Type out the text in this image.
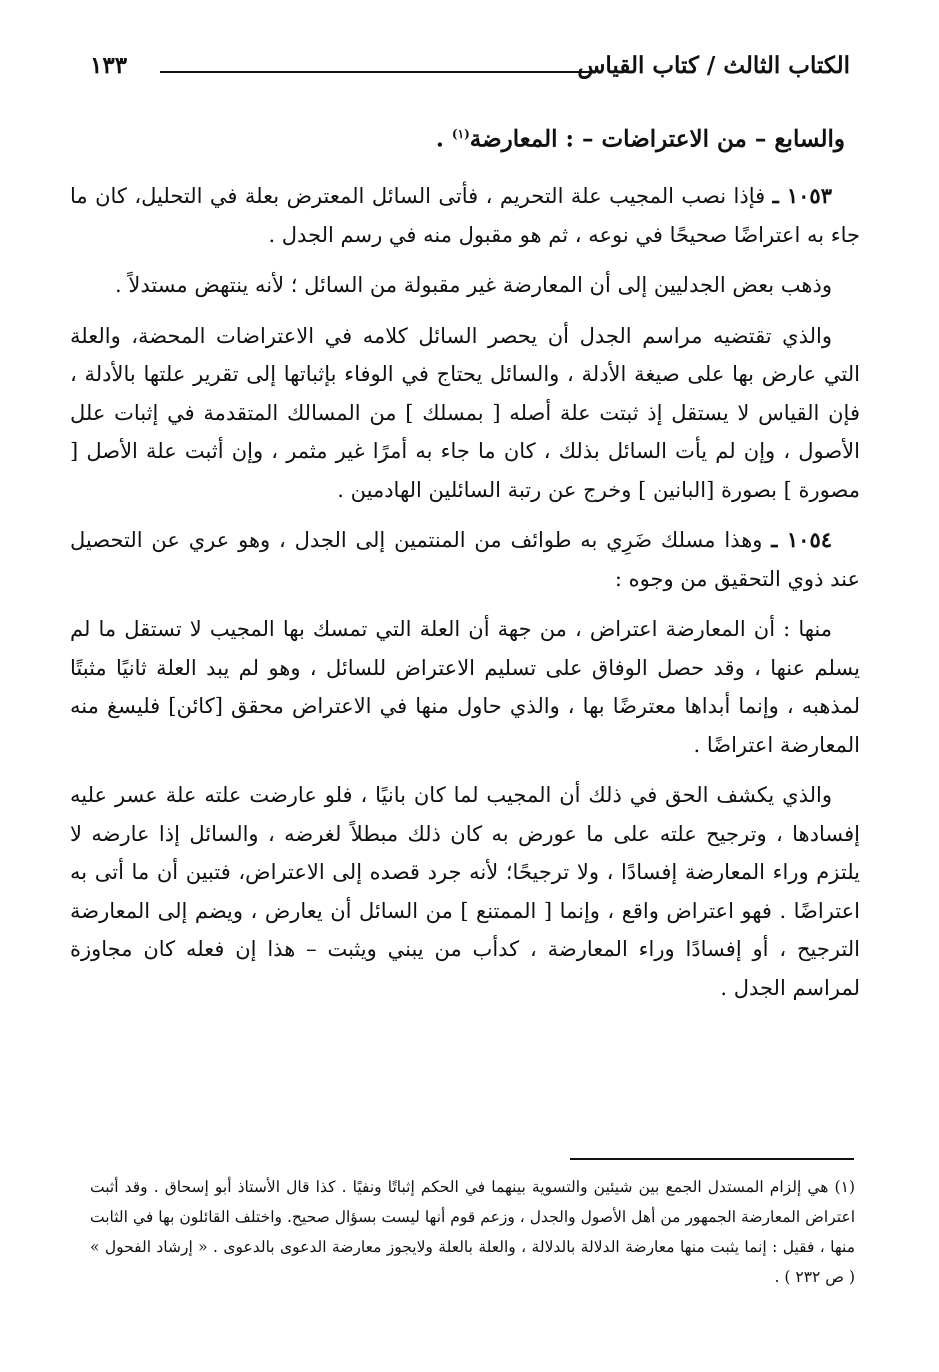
الكتاب الثالث / كتاب القياس
١٣٣
والسابع – من الاعتراضات – : المعارضة$^{(١)}$ .

١٠٥٣ ـ فإذا نصب المجيب علة التحريم ، فأتى السائل المعترض بعلة في التحليل، كان ما جاء به اعتراضًا صحيحًا في نوعه ، ثم هو مقبول منه في رسم الجدل .

وذهب بعض الجدليين إلى أن المعارضة غير مقبولة من السائل ؛ لأنه ينتهض مستدلاً .

والذي تقتضيه مراسم الجدل أن يحصر السائل كلامه في الاعتراضات المحضة، والعلة التي عارض بها على صيغة الأدلة ، والسائل يحتاج في الوفاء بإثباتها إلى تقرير علتها بالأدلة ، فإن القياس لا يستقل إذ ثبتت علة أصله [ بمسلك ] من المسالك المتقدمة في إثبات علل الأصول ، وإن لم يأت السائل بذلك ، كان ما جاء به أمرًا غير مثمر ، وإن أثبت علة الأصل [ مصورة ] بصورة [البانين ] وخرج عن رتبة السائلين الهادمين .

١٠٥٤ ـ وهذا مسلك ضَرِي به طوائف من المنتمين إلى الجدل ، وهو عري عن التحصيل عند ذوي التحقيق من وجوه :

منها : أن المعارضة اعتراض ، من جهة أن العلة التي تمسك بها المجيب لا تستقل ما لم يسلم عنها ، وقد حصل الوفاق على تسليم الاعتراض للسائل ، وهو لم يبد العلة ثانيًا مثبتًا لمذهبه ، وإنما أبداها معترضًا بها ، والذي حاول منها في الاعتراض محقق [كائن] فليسغ منه المعارضة اعتراضًا .

والذي يكشف الحق في ذلك أن المجيب لما كان بانيًا ، فلو عارضت علته علة عسر عليه إفسادها ، وترجيح علته على ما عورض به كان ذلك مبطلاً لغرضه ، والسائل إذا عارضه لا يلتزم وراء المعارضة إفسادًا ، ولا ترجيحًا؛ لأنه جرد قصده إلى الاعتراض، فتبين أن ما أتى به اعتراضًا . فهو اعتراض واقع ، وإنما [ الممتنع ] من السائل أن يعارض ، ويضم إلى المعارضة الترجيح ، أو إفسادًا وراء المعارضة ، كدأب من يبني ويثبت – هذا إن فعله كان مجاوزة لمراسم الجدل .

(١) هي إلزام المستدل الجمع بين شيئين والتسوية بينهما في الحكم إثباتًا ونفيًا . كذا قال الأستاذ أبو إسحاق . وقد أثبت اعتراض المعارضة الجمهور من أهل الأصول والجدل ، وزعم قوم أنها ليست بسؤال صحيح. واختلف القائلون بها في الثابت منها ، فقيل : إنما يثبت منها معارضة الدلالة بالدلالة ، والعلة بالعلة ولايجوز معارضة الدعوى بالدعوى . « إرشاد الفحول » ( ص ٢٣٢ ) .
